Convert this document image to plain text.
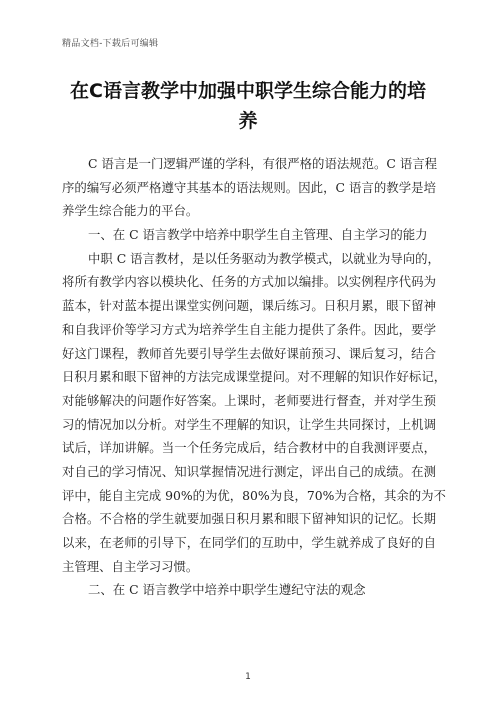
精品文档-下载后可编辑
在C语言教学中加强中职学生综合能力的培
养
C 语言是一门逻辑严谨的学科，有很严格的语法规范。C 语言程
序的编写必须严格遵守其基本的语法规则。因此，C 语言的教学是培
养学生综合能力的平台。
一、在 C 语言教学中培养中职学生自主管理、自主学习的能力
中职 C 语言教材，是以任务驱动为教学模式，以就业为导向的，
将所有教学内容以模块化、任务的方式加以编排。以实例程序代码为
蓝本，针对蓝本提出课堂实例问题，课后练习。日积月累，眼下留神
和自我评价等学习方式为培养学生自主能力提供了条件。因此，要学
好这门课程，教师首先要引导学生去做好课前预习、课后复习，结合
日积月累和眼下留神的方法完成课堂提问。对不理解的知识作好标记，
对能够解决的问题作好答案。上课时，老师要进行督查，并对学生预
习的情况加以分析。对学生不理解的知识，让学生共同探讨，上机调
试后，详加讲解。当一个任务完成后，结合教材中的自我测评要点，
对自己的学习情况、知识掌握情况进行测定，评出自己的成绩。在测
评中，能自主完成 90%的为优，80%为良，70%为合格，其余的为不
合格。不合格的学生就要加强日积月累和眼下留神知识的记忆。长期
以来，在老师的引导下，在同学们的互助中，学生就养成了良好的自
主管理、自主学习习惯。
二、在 C 语言教学中培养中职学生遵纪守法的观念
1
